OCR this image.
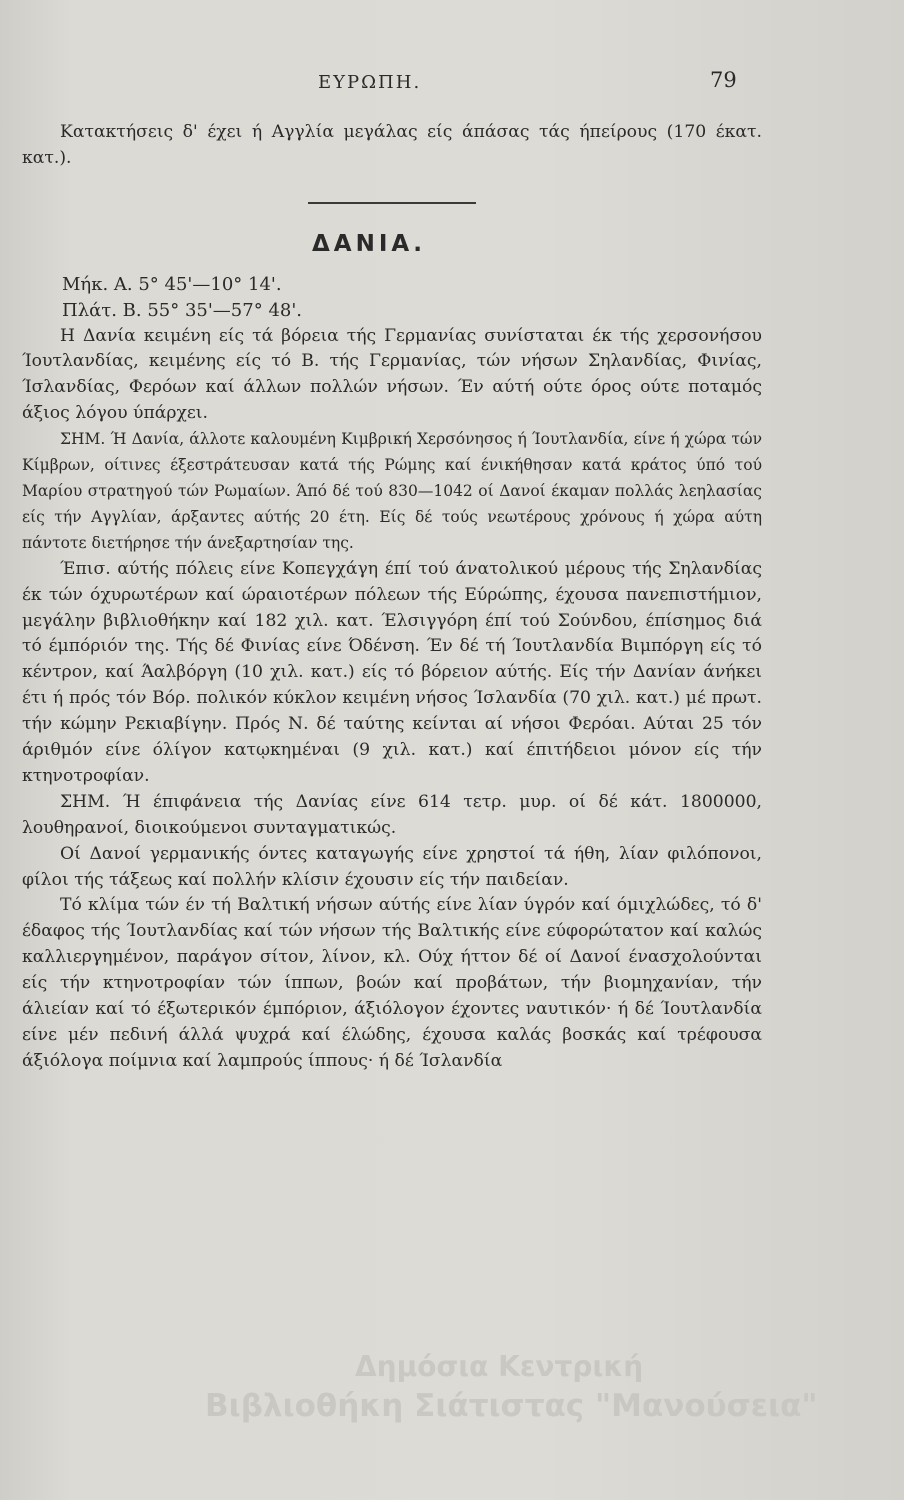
ΕΥΡΩΠΗ.	79

Κατακτήσεις δ' έχει ή Αγγλία μεγάλας είς άπάσας τάς ήπείρους (170 έκατ. κατ.).

ΔΑΝΙΑ.

Μήκ. Α. 5° 45'—10° 14'.

Πλάτ. Β. 55° 35'—57° 48'.

Η Δανία κειμένη είς τά βόρεια τής Γερμανίας συνίσταται έκ τής χερσονήσου Ίουτλανδίας, κειμένης είς τό Β. τής Γερμανίας, τών νήσων Σηλανδίας, Φινίας, Ίσλανδίας, Φερόων καί άλλων πολλών νήσων. Έν αύτή ούτε όρος ούτε ποταμός άξιος λόγου ύπάρχει.

ΣΗΜ. Ή Δανία, άλλοτε καλουμένη Κιμβρική Χερσόνησος ή Ίουτλανδία, είνε ή χώρα τών Κίμβρων, οίτινες έξεστράτευσαν κατά τής Ρώμης καί ένικήθησαν κατά κράτος ύπό τού Μαρίου στρατηγού τών Ρωμαίων. Άπό δέ τού 830—1042 οί Δανοί έκαμαν πολλάς λεηλασίας είς τήν Αγγλίαν, άρξαντες αύτής 20 έτη. Είς δέ τούς νεωτέρους χρόνους ή χώρα αύτη πάντοτε διετήρησε τήν άνεξαρτησίαν της.

Έπισ. αύτής πόλεις είνε Κοπεγχάγη έπί τού άνατολικού μέρους τής Σηλανδίας έκ τών όχυρωτέρων καί ώραιοτέρων πόλεων τής Εύρώπης, έχουσα πανεπιστήμιον, μεγάλην βιβλιοθήκην καί 182 χιλ. κατ. Έλσιγγόρη έπί τού Σούνδου, έπίσημος διά τό έμπόριόν της. Τής δέ Φινίας είνε Όδένση. Έν δέ τή Ίουτλανδία Βιμπόργη είς τό κέντρον, καί Άαλβόργη (10 χιλ. κατ.) είς τό βόρειον αύτής. Είς τήν Δανίαν άνήκει έτι ή πρός τόν Βόρ. πολικόν κύκλον κειμένη νήσος Ίσλανδία (70 χιλ. κατ.) μέ πρωτ. τήν κώμην Ρεκιαβίγην. Πρός Ν. δέ ταύτης κείνται αί νήσοι Φερόαι. Αύται 25 τόν άριθμόν είνε όλίγον κατῳκημέναι (9 χιλ. κατ.) καί έπιτήδειοι μόνον είς τήν κτηνοτροφίαν.

ΣΗΜ. Ή έπιφάνεια τής Δανίας είνε 614 τετρ. μυρ. οί δέ κάτ. 1800000, λουθηρανοί, διοικούμενοι συνταγματικώς.

Οί Δανοί γερμανικής όντες καταγωγής είνε χρηστοί τά ήθη, λίαν φιλόπονοι, φίλοι τής τάξεως καί πολλήν κλίσιν έχουσιν είς τήν παιδείαν.

Τό κλίμα τών έν τή Βαλτική νήσων αύτής είνε λίαν ύγρόν καί όμιχλώδες, τό δ' έδαφος τής Ίουτλανδίας καί τών νήσων τής Βαλτικής είνε εύφορώτατον καί καλώς καλλιεργημένον, παράγον σίτον, λίνον, κλ. Ούχ ήττον δέ οί Δανοί ένασχολούνται είς τήν κτηνοτροφίαν τών ίππων, βοών καί προβάτων, τήν βιομηχανίαν, τήν άλιείαν καί τό έξωτερικόν έμπόριον, άξιόλογον έχοντες ναυτικόν· ή δέ Ίουτλανδία είνε μέν πεδινή άλλά ψυχρά καί έλώδης, έχουσα καλάς βοσκάς καί τρέφουσα άξιόλογα ποίμνια καί λαμπρούς ίππους· ή δέ Ίσλανδία

Δημόσια Κεντρική
Βιβλιοθήκη Σιάτιστας "Μανούσεια"
